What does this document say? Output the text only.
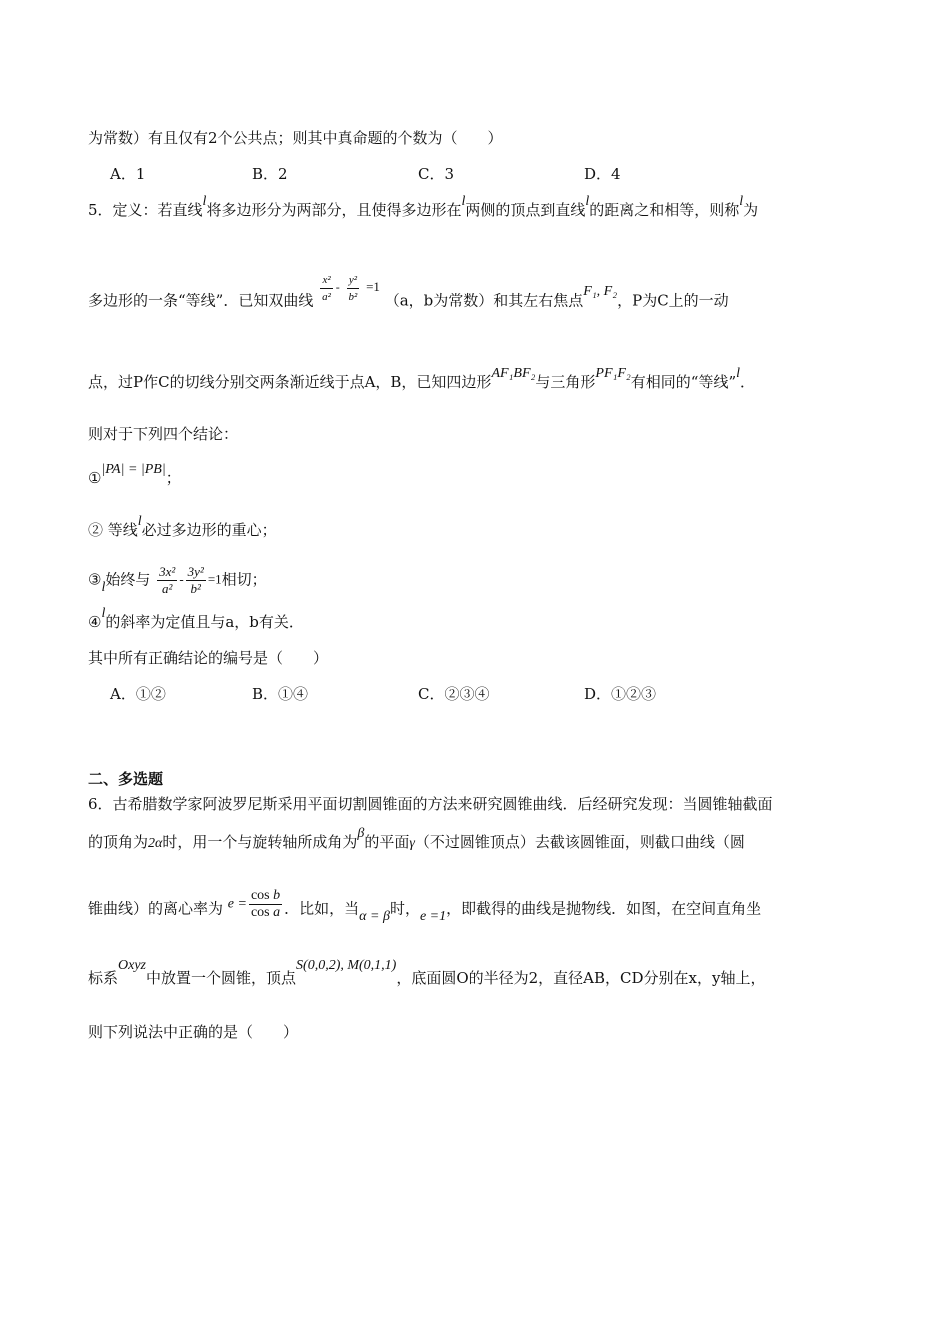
为常数）有且仅有2个公共点；则其中真命题的个数为（　　）
A．1	B．2	C．3	D．4
5．定义：若直线l将多边形分为两部分，且使得多边形在l两侧的顶点到直线l的距离之和相等，则称l为
多边形的一条“等线”．已知双曲线 $\frac{\text{x²}}{\text{a²}} ^- \frac{\text{y²}}{\text{b²}} =1$ （a，b为常数）和其左右焦点F₁, F₂，P为C上的一动
点，过P作C的切线分别交两条渐近线于点A，B，已知四边形AF₁BF₂与三角形PF₁F₂有相同的“等线”l．
则对于下列四个结论：
①|PA| = |PB|；
② 等线l必过多边形的重心；
③l始终与 $\frac{\text{3x²}}{\text{a²}} - \frac{\text{3y²}}{\text{b²}} =1$
相切；
④l的斜率为定值且与a，b有关．
其中所有正确结论的编号是（　　）
A．①②	B．①④	C．②③④	D．①②③
二、多选题
6．古希腊数学家阿波罗尼斯采用平面切割圆锥面的方法来研究圆锥曲线．后经研究发现：当圆锥轴截面
的顶角为2α时，用一个与旋转轴所成角为β的平面γ（不过圆锥顶点）去截该圆锥面，则截口曲线（圆
锥曲线）的离心率为 $e = \frac{\text{cos b}}{\text{cos a}}$ ．比如，当α = β时，e =1，即截得的曲线是抛物线．如图，在空间直角坐
标系Oxyz中放置一个圆锥，顶点S(0,0,2), M(0,1,1)，底面圆O的半径为2，直径AB，CD分别在x，y轴上，
则下列说法中正确的是（　　）
